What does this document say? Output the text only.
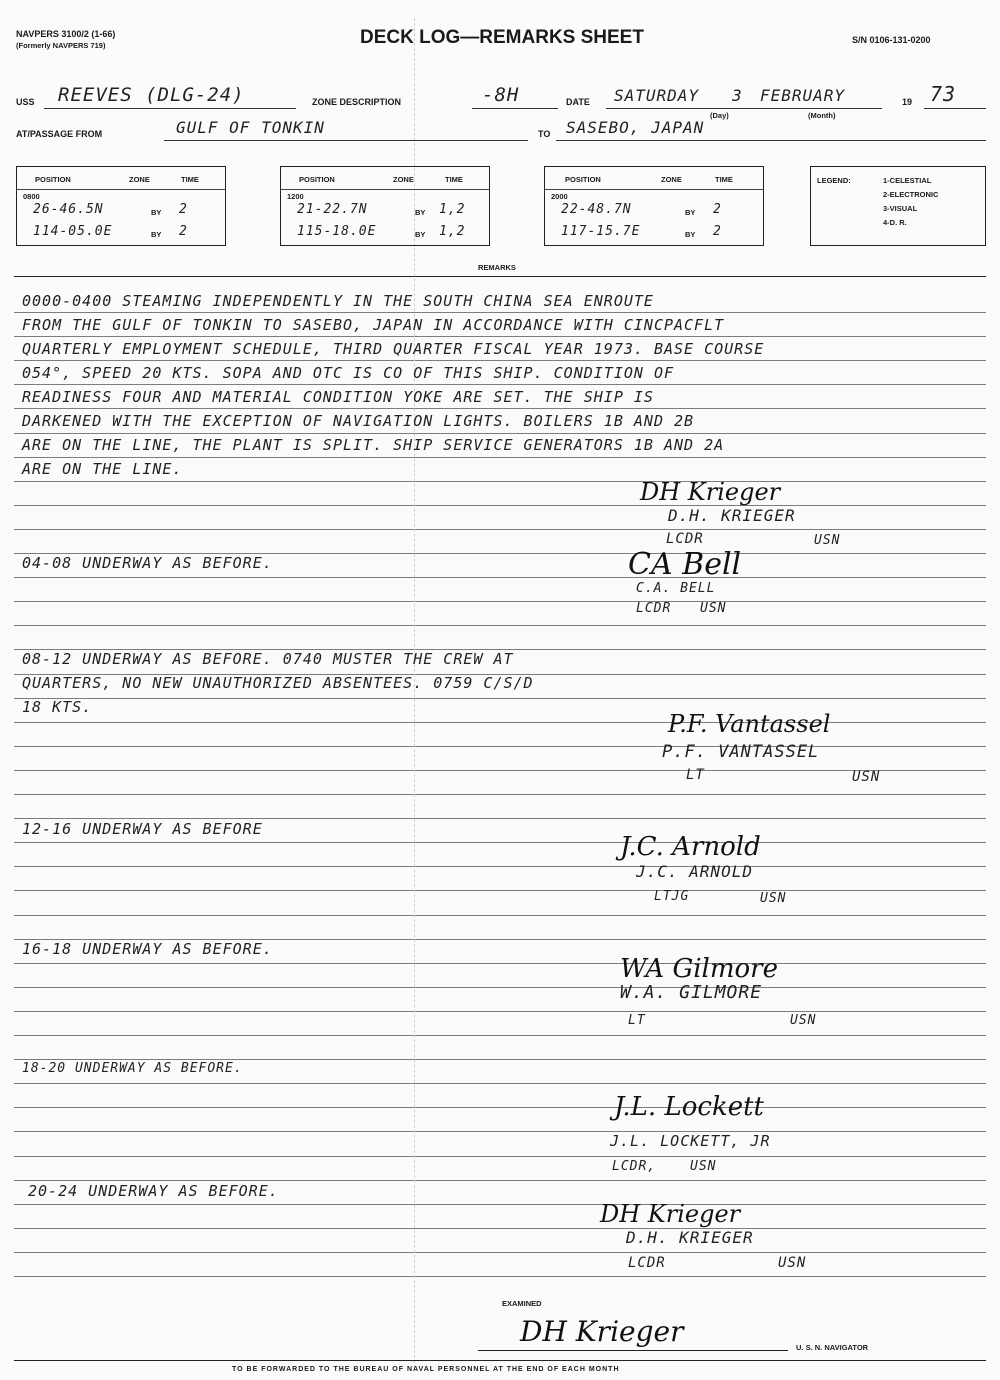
NAVPERS 3100/2 (1-66)
(Formerly NAVPERS 719)	DECK LOG—REMARKS SHEET	S/N 0106-131-0200
USS REEVES (DLG-24)	ZONE DESCRIPTION	-8H	DATE SATURDAY 3 FEBRUARY
(Day)	(Month)
19 73
AT/PASSAGE FROM	GULF OF TONKIN	TO SASEBO, JAPAN
POSITION	ZONE	TIME
0800
26-46.5N	BY 2
114-05.0E	BY 2
POSITION	ZONE	TIME
1200
21-22.7N	BY 1,2
115-18.0E	BY 1,2
POSITION	ZONE	TIME
2000
22-48.7N	BY 2
117-15.7E	BY 2
LEGEND:	1-CELESTIAL
2-ELECTRONIC
3-VISUAL
4-D. R.
REMARKS
0000-0400 STEAMING INDEPENDENTLY IN THE SOUTH CHINA SEA ENROUTE
FROM THE GULF OF TONKIN TO SASEBO, JAPAN IN ACCORDANCE WITH CINCPACFLT
QUARTERLY EMPLOYMENT SCHEDULE, THIRD QUARTER FISCAL YEAR 1973. BASE COURSE
054°, SPEED 20 KTS. SOPA AND OTC IS CO OF THIS SHIP. CONDITION OF
READINESS FOUR AND MATERIAL CONDITION YOKE ARE SET. THE SHIP IS
DARKENED WITH THE EXCEPTION OF NAVIGATION LIGHTS. BOILERS 1B AND 2B
ARE ON THE LINE, THE PLANT IS SPLIT. SHIP SERVICE GENERATORS 1B AND 2A
ARE ON THE LINE.
DH Krieger
D.H. KRIEGER
LCDR	USN
04-08 UNDERWAY AS BEFORE.	CA Bell
C.A. BELL
LCDR USN
08-12 UNDERWAY AS BEFORE. 0740 MUSTER THE CREW AT
QUARTERS, NO NEW UNAUTHORIZED ABSENTEES. 0759 C/S/D
18 KTS.
P.F. Vantassel
P.F. VANTASSEL
LT	USN
12-16 UNDERWAY AS BEFORE
J.C. Arnold
J.C. ARNOLD
LTJG	USN
16-18 UNDERWAY AS BEFORE.
WA Gilmore
W.A. GILMORE
LT	USN
18-20 UNDERWAY AS BEFORE.
J.L. Lockett
J.L. LOCKETT, JR
LCDR,	USN
20-24 UNDERWAY AS BEFORE.
DH Krieger
D.H. KRIEGER
LCDR	USN
EXAMINED
DH Krieger	U. S. N. NAVIGATOR
TO BE FORWARDED TO THE BUREAU OF NAVAL PERSONNEL AT THE END OF EACH MONTH
